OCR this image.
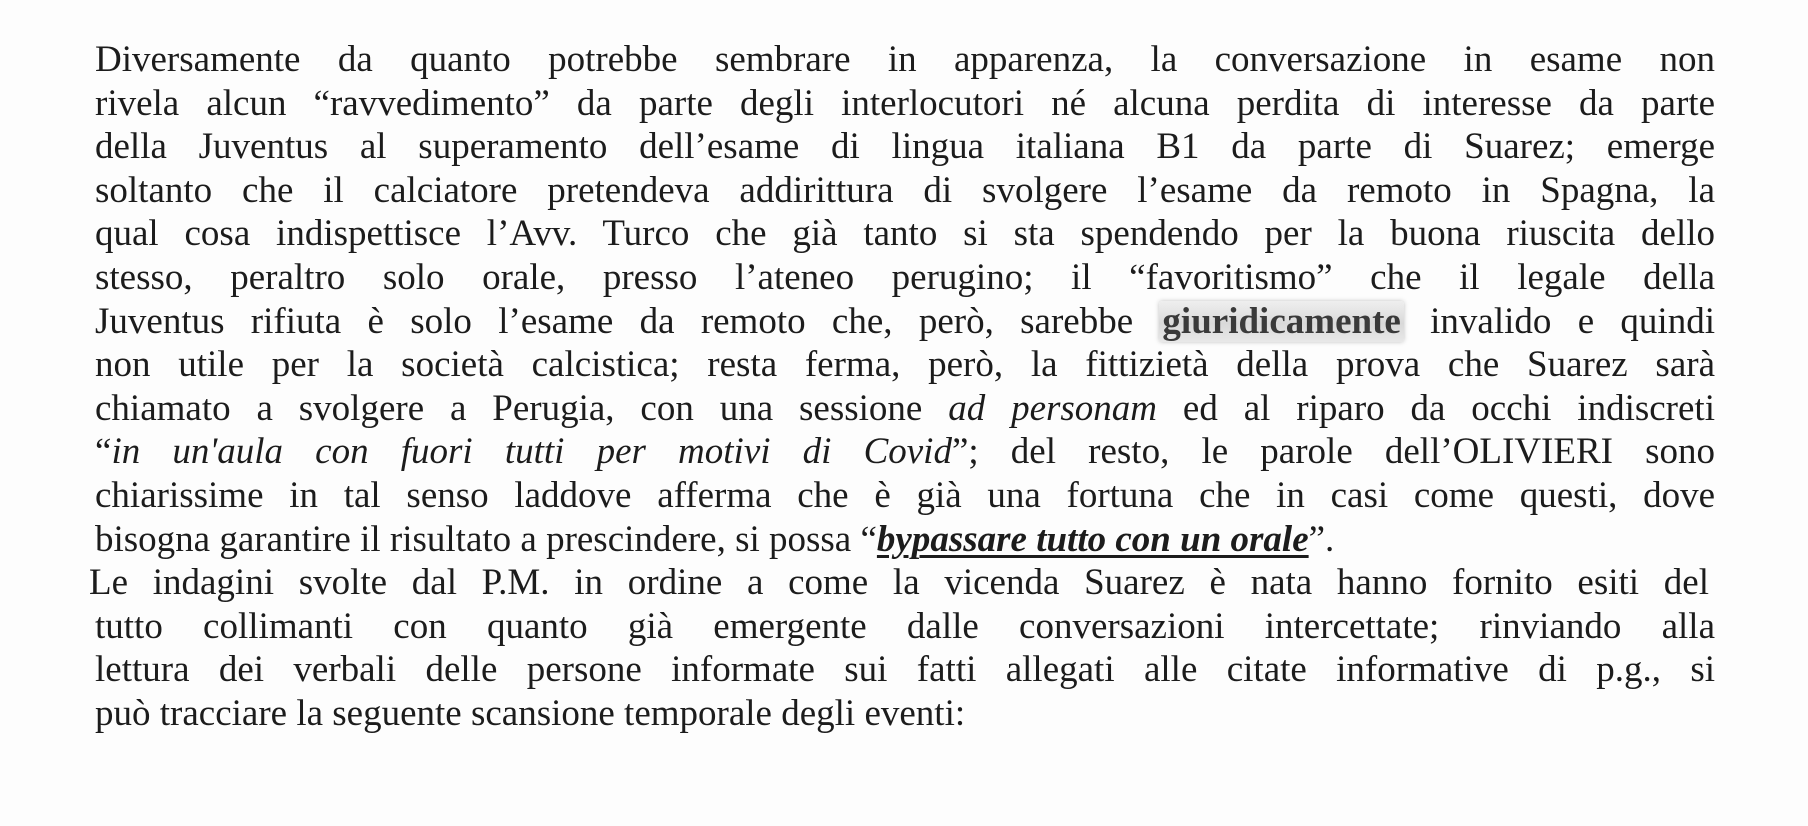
Diversamente da quanto potrebbe sembrare in apparenza, la conversazione in esame non
rivela alcun “ravvedimento” da parte degli interlocutori né alcuna perdita di interesse da parte
della Juventus al superamento dell’esame di lingua italiana B1 da parte di Suarez; emerge
soltanto che il calciatore pretendeva addirittura di svolgere l’esame da remoto in Spagna, la
qual cosa indispettisce l’Avv. Turco che già tanto si sta spendendo per la buona riuscita dello
stesso, peraltro solo orale, presso l’ateneo perugino; il “favoritismo” che il legale della
Juventus rifiuta è solo l’esame da remoto che, però, sarebbe giuridicamente invalido e quindi
non utile per la società calcistica; resta ferma, però, la fittizietà della prova che Suarez sarà
chiamato a svolgere a Perugia, con una sessione ad personam ed al riparo da occhi indiscreti
“in un'aula con fuori tutti per motivi di Covid”; del resto, le parole dell’OLIVIERI sono
chiarissime in tal senso laddove afferma che è già una fortuna che in casi come questi, dove
bisogna garantire il risultato a prescindere, si possa “bypassare tutto con un orale”.
Le indagini svolte dal P.M. in ordine a come la vicenda Suarez è nata hanno fornito esiti del
tutto collimanti con quanto già emergente dalle conversazioni intercettate; rinviando alla
lettura dei verbali delle persone informate sui fatti allegati alle citate informative di p.g., si
può tracciare la seguente scansione temporale degli eventi:
